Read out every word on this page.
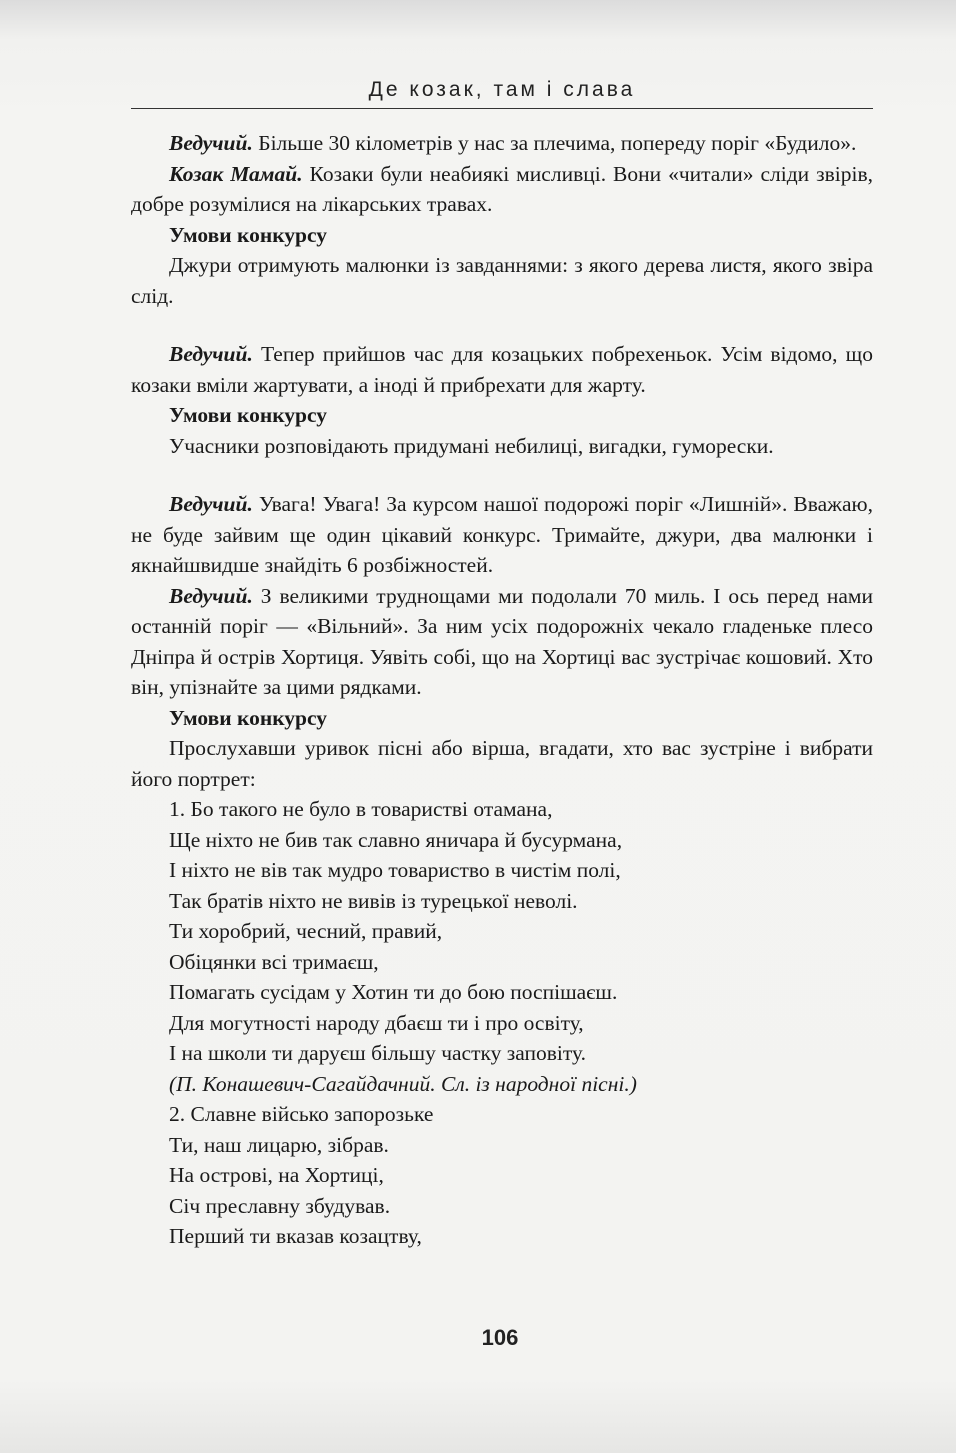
Де козак, там і слава

Ведучий. Більше 30 кілометрів у нас за плечима, попереду поріг «Будило».

Козак Мамай. Козаки були неабиякі мисливці. Вони «читали» сліди звірів, добре розумілися на лікарських травах.

Умови конкурсу

Джури отримують малюнки із завданнями: з якого дерева листя, якого звіра слід.

Ведучий. Тепер прийшов час для козацьких побрехеньок. Усім відомо, що козаки вміли жартувати, а іноді й прибрехати для жарту.

Умови конкурсу

Учасники розповідають придумані небилиці, вигадки, гуморески.

Ведучий. Увага! Увага! За курсом нашої подорожі поріг «Лишній». Вважаю, не буде зайвим ще один цікавий конкурс. Тримайте, джури, два малюнки і якнайшвидше знайдіть 6 розбіжностей.

Ведучий. З великими труднощами ми подолали 70 миль. І ось перед нами останній поріг — «Вільний». За ним усіх подорожніх чекало гладеньке плесо Дніпра й острів Хортиця. Уявіть собі, що на Хортиці вас зустрічає кошовий. Хто він, упізнайте за цими рядками.

Умови конкурсу

Прослухавши уривок пісні або вірша, вгадати, хто вас зустріне і вибрати його портрет:

1. Бо такого не було в товаристві отамана,

Ще ніхто не бив так славно яничара й бусурмана,

І ніхто не вів так мудро товариство в чистім полі,

Так братів ніхто не вивів із турецької неволі.

Ти хоробрий, чесний, правий,

Обіцянки всі тримаєш,

Помагать сусідам у Хотин ти до бою поспішаєш.

Для могутності народу дбаєш ти і про освіту,

І на школи ти даруєш більшу частку заповіту.

(П. Конашевич-Сагайдачний. Сл. із народної пісні.)

2. Славне військо запорозьке

Ти, наш лицарю, зібрав.

На острові, на Хортиці,

Січ преславну збудував.

Перший ти вказав козацтву,

106
